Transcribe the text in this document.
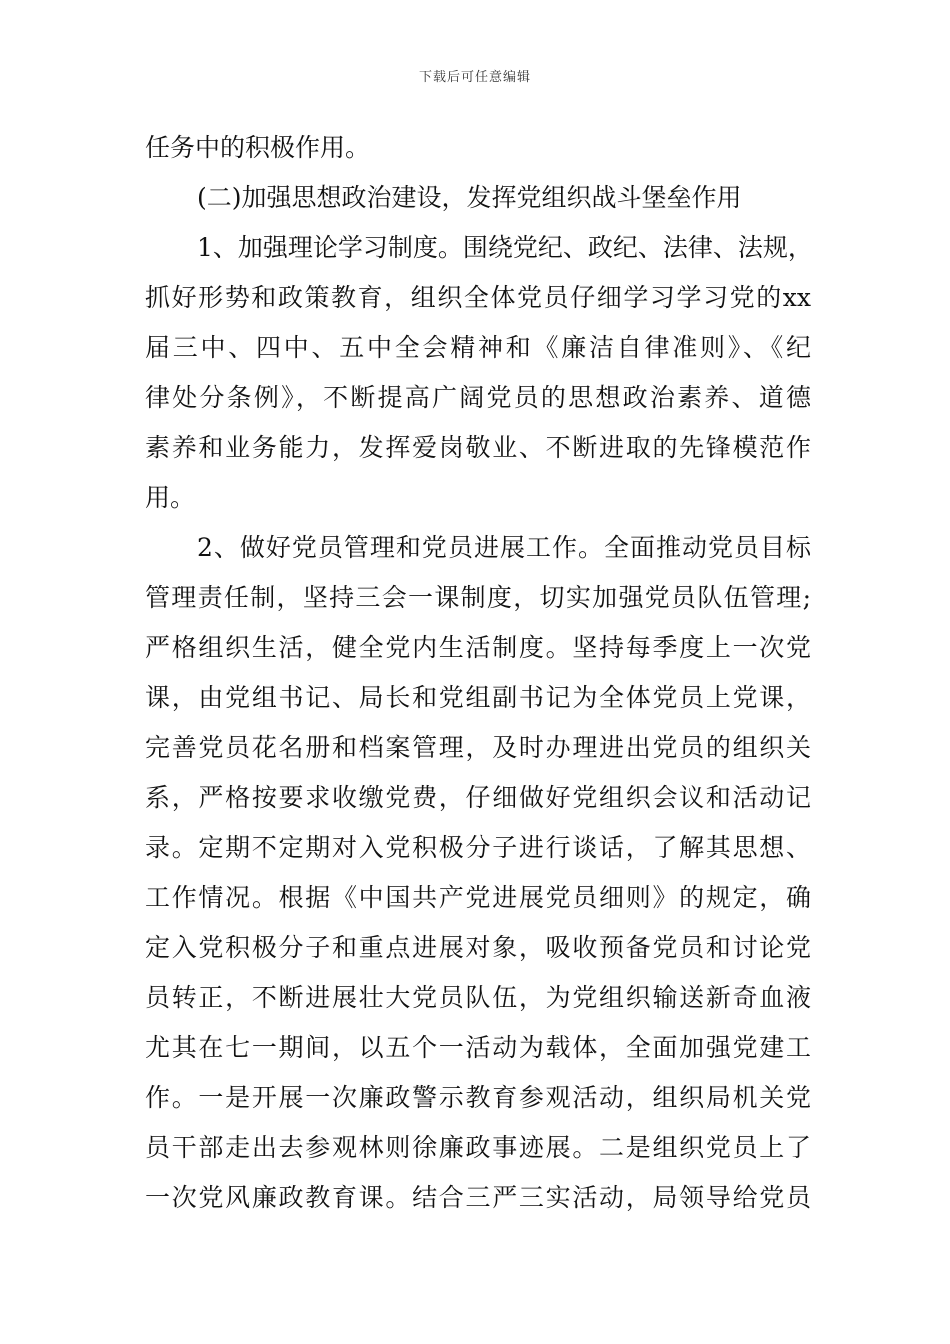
下载后可任意编辑
任务中的积极作用。
(二)加强思想政治建设，发挥党组织战斗堡垒作用
1、加强理论学习制度。围绕党纪、政纪、法律、法规，
抓好形势和政策教育，组织全体党员仔细学习学习党的xx
届三中、四中、五中全会精神和《廉洁自律准则》、《纪
律处分条例》，不断提高广阔党员的思想政治素养、道德
素养和业务能力，发挥爱岗敬业、不断进取的先锋模范作
用。
2、做好党员管理和党员进展工作。全面推动党员目标
管理责任制，坚持三会一课制度，切实加强党员队伍管理;
严格组织生活，健全党内生活制度。坚持每季度上一次党
课，由党组书记、局长和党组副书记为全体党员上党课，
完善党员花名册和档案管理，及时办理进出党员的组织关
系，严格按要求收缴党费，仔细做好党组织会议和活动记
录。定期不定期对入党积极分子进行谈话，了解其思想、
工作情况。根据《中国共产党进展党员细则》的规定，确
定入党积极分子和重点进展对象，吸收预备党员和讨论党
员转正，不断进展壮大党员队伍，为党组织输送新奇血液
尤其在七一期间，以五个一活动为载体，全面加强党建工
作。一是开展一次廉政警示教育参观活动，组织局机关党
员干部走出去参观林则徐廉政事迹展。二是组织党员上了
一次党风廉政教育课。结合三严三实活动，局领导给党员
